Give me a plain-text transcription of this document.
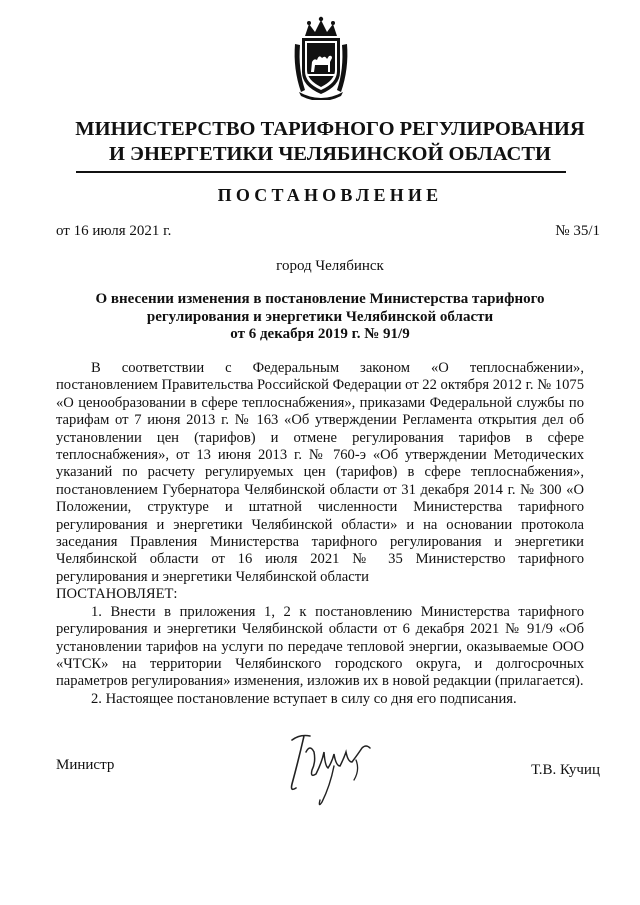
МИНИСТЕРСТВО ТАРИФНОГО РЕГУЛИРОВАНИЯ
И ЭНЕРГЕТИКИ ЧЕЛЯБИНСКОЙ ОБЛАСТИ
ПОСТАНОВЛЕНИЕ
от 16 июля 2021 г.	№ 35/1
город Челябинск
О внесении изменения в постановление Министерства тарифного
регулирования и энергетики Челябинской области
от 6 декабря 2019 г. № 91/9

В соответствии с Федеральным законом «О теплоснабжении», постановлением Правительства Российской Федерации от 22 октября 2012 г. № 1075 «О ценообразовании в сфере теплоснабжения», приказами Федеральной службы по тарифам от 7 июня 2013 г. № 163 «Об утверждении Регламента открытия дел об установлении цен (тарифов) и отмене регулирования тарифов в сфере теплоснабжения», от 13 июня 2013 г. № 760-э «Об утверждении Методических указаний по расчету регулируемых цен (тарифов) в сфере теплоснабжения», постановлением Губернатора Челябинской области от 31 декабря 2014 г. № 300 «О Положении, структуре и штатной численности Министерства тарифного регулирования и энергетики Челябинской области» и на основании протокола заседания Правления Министерства тарифного регулирования и энергетики Челябинской области от 16 июля 2021 № 35 Министерство тарифного регулирования и энергетики Челябинской области

ПОСТАНОВЛЯЕТ:

1. Внести в приложения 1, 2 к постановлению Министерства тарифного регулирования и энергетики Челябинской области от 6 декабря 2021 № 91/9 «Об установлении тарифов на услуги по передаче тепловой энергии, оказываемые ООО «ЧТСК» на территории Челябинского городского округа, и долгосрочных параметров регулирования» изменения, изложив их в новой редакции (прилагается).

2. Настоящее постановление вступает в силу со дня его подписания.

Министр	Т.В. Кучиц
